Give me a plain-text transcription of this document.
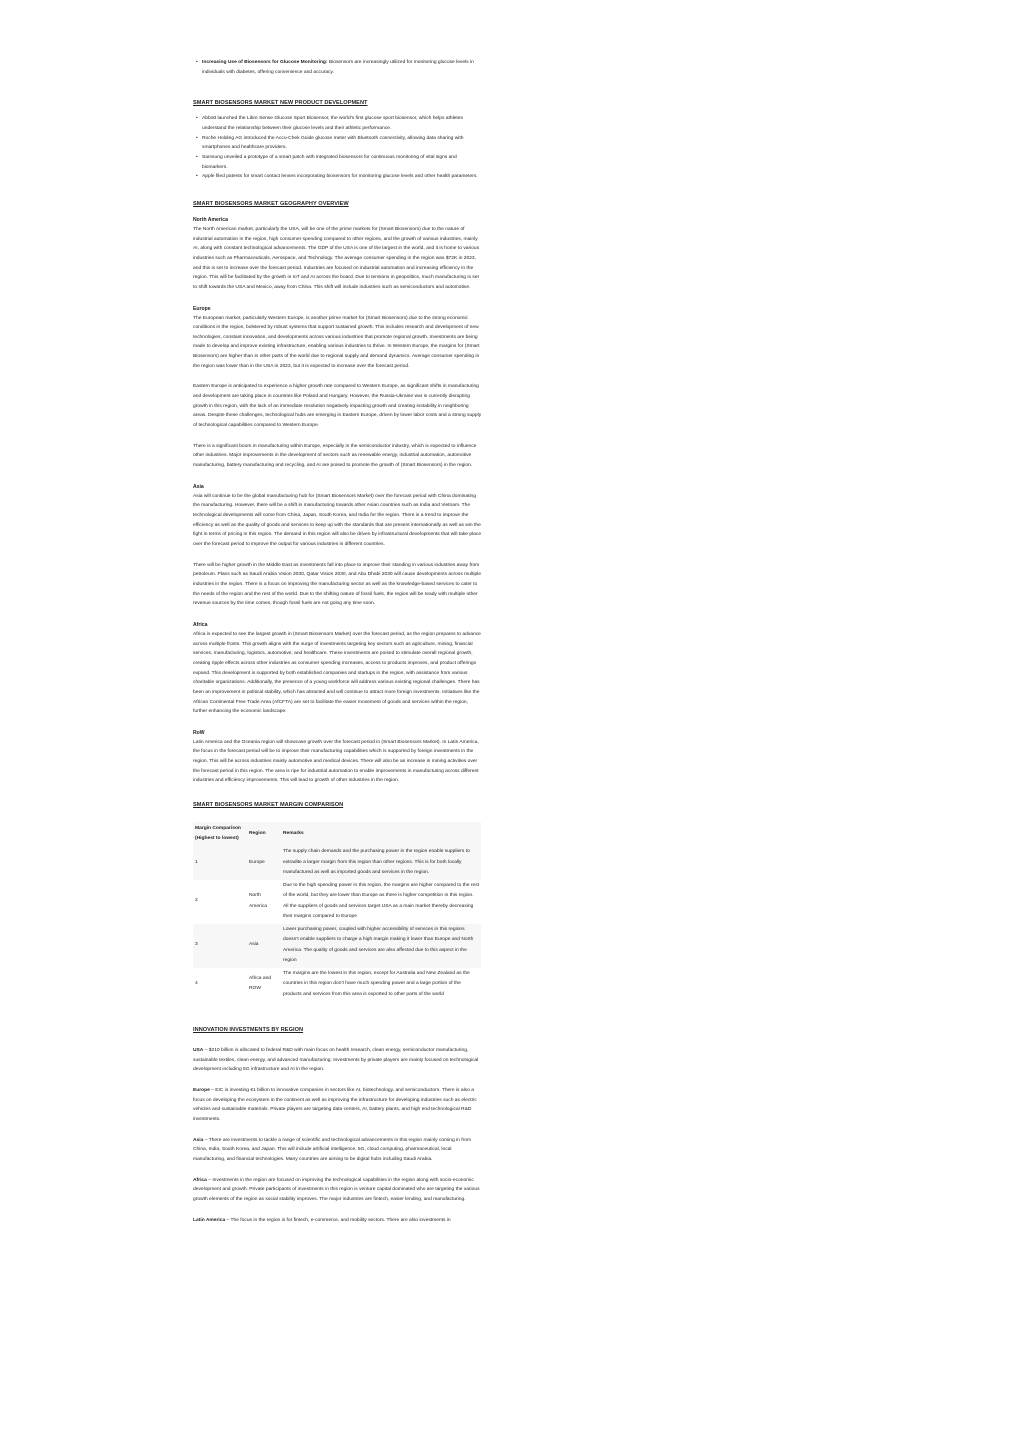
• Increasing Use of Biosensors for Glucose Monitoring: Biosensors are increasingly utilized for monitoring glucose levels in individuals with diabetes, offering convenience and accuracy.

SMART BIOSENSORS MARKET NEW PRODUCT DEVELOPMENT

• Abbott launched the Libre Sense Glucose Sport Biosensor, the world’s first glucose sport biosensor, which helps athletes understand the relationship between their glucose levels and their athletic performance.
• Roche Holding AG introduced the Accu-Chek Guide glucose meter with Bluetooth connectivity, allowing data sharing with smartphones and healthcare providers.
• Samsung unveiled a prototype of a smart patch with integrated biosensors for continuous monitoring of vital signs and biomarkers.
• Apple filed patents for smart contact lenses incorporating biosensors for monitoring glucose levels and other health parameters.

SMART BIOSENSORS MARKET GEOGRAPHY OVERVIEW

North America

The North American market, particularly the USA, will be one of the prime markets for (Smart Biosensors) due to the nature of industrial automation in the region, high consumer spending compared to other regions, and the growth of various industries, mainly AI, along with constant technological advancements. The GDP of the USA is one of the largest in the world, and it is home to various industries such as Pharmaceuticals, Aerospace, and Technology. The average consumer spending in the region was $72K in 2023, and this is set to increase over the forecast period. Industries are focused on industrial automation and increasing efficiency in the region. This will be facilitated by the growth in IoT and AI across the board. Due to tensions in geopolitics, much manufacturing is set to shift towards the USA and Mexico, away from China. This shift will include industries such as semiconductors and automotive.

Europe

The European market, particularly Western Europe, is another prime market for (Smart Biosensors) due to the strong economic conditions in the region, bolstered by robust systems that support sustained growth. This includes research and development of new technologies, constant innovation, and developments across various industries that promote regional growth. Investments are being made to develop and improve existing infrastructure, enabling various industries to thrive. In Western Europe, the margins for (Smart Biosensors) are higher than in other parts of the world due to regional supply and demand dynamics. Average consumer spending in the region was lower than in the USA in 2023, but it is expected to increase over the forecast period.

Eastern Europe is anticipated to experience a higher growth rate compared to Western Europe, as significant shifts in manufacturing and development are taking place in countries like Poland and Hungary. However, the Russia-Ukraine war is currently disrupting growth in this region, with the lack of an immediate resolution negatively impacting growth and creating instability in neighboring areas. Despite these challenges, technological hubs are emerging in Eastern Europe, driven by lower labor costs and a strong supply of technological capabilities compared to Western Europe.

There is a significant boom in manufacturing within Europe, especially in the semiconductor industry, which is expected to influence other industries. Major improvements in the development of sectors such as renewable energy, industrial automation, automotive manufacturing, battery manufacturing and recycling, and AI are poised to promote the growth of (Smart Biosensors) in the region.

Asia

Asia will continue to be the global manufacturing hub for (Smart Biosensors Market) over the forecast period with China dominating the manufacturing. However, there will be a shift in manufacturing towards other Asian countries such as India and Vietnam. The technological developments will come from China, Japan, South Korea, and India for the region. There is a trend to improve the efficiency as well as the quality of goods and services to keep up with the standards that are present internationally as well as win the fight in terms of pricing in this region. The demand in this region will also be driven by infrastructural developments that will take place over the forecast period to improve the output for various industries in different countries.

There will be higher growth in the Middle East as investments fall into place to improve their standing in various industries away from petroleum. Plans such as Saudi Arabia Vision 2030, Qatar Vision 2030, and Abu Dhabi 2030 will cause developments across multiple industries in the region. There is a focus on improving the manufacturing sector as well as the knowledge-based services to cater to the needs of the region and the rest of the world. Due to the shifting nature of fossil fuels, the region will be ready with multiple other revenue sources by the time comes, though fossil fuels are not going any time soon.

Africa

Africa is expected to see the largest growth in (Smart Biosensors Market) over the forecast period, as the region prepares to advance across multiple fronts. This growth aligns with the surge of investments targeting key sectors such as agriculture, mining, financial services, manufacturing, logistics, automotive, and healthcare. These investments are poised to stimulate overall regional growth, creating ripple effects across other industries as consumer spending increases, access to products improves, and product offerings expand. This development is supported by both established companies and startups in the region, with assistance from various charitable organizations. Additionally, the presence of a young workforce will address various existing regional challenges. There has been an improvement in political stability, which has attracted and will continue to attract more foreign investments. Initiatives like the African Continental Free Trade Area (AfCFTA) are set to facilitate the easier movement of goods and services within the region, further enhancing the economic landscape.

RoW

Latin America and the Oceania region will showcase growth over the forecast period in (Smart Biosensors Market). In Latin America, the focus in the forecast period will be to improve their manufacturing capabilities which is supported by foreign investments in the region. This will be across industries mainly automotive and medical devices. There will also be an increase in mining activities over the forecast period in this region. The area is ripe for industrial automation to enable improvements in manufacturing across different industries and efficiency improvements. This will lead to growth of other industries in the region.

SMART BIOSENSORS MARKET MARGIN COMPARISON

Margin Comparison (Highest to lowest)	Region	Remarks
1	Europe	The supply chain demands and the purchasing power in the region enable suppliers to extradite a larger margin from this region than other regions. This is for both locally manufactured as well as imported goods and services in the region.
2	North America	Due to the high spending power in this region, the margins are higher compared to the rest of the world, but they are lower than Europe as there is higher competition in this region. All the suppliers of goods and services target USA as a main market thereby decreasing their margins compared to Europe
3	Asia	Lower purchasing power, coupled with higher accessibility of services in this regions doesn’t enable suppliers to charge a high margin making it lower than Europe and North America. The quality of goods and services are also affected due to this aspect in the region
4	Africa and ROW	The margins are the lowest in this region, except for Australia and New Zealand as the countries in this region don’t have much spending power and a large portion of the products and services from this area is exported to other parts of the world

INNOVATION INVESTMENTS BY REGION

USA – $210 billion is allocated to federal R&D with main focus on health research, clean energy, semiconductor manufacturing, sustainable textiles, clean energy, and advanced manufacturing. Investments by private players are mainly focused on technological development including 5G infrastructure and AI in the region.

Europe – EIC is investing €1 billion to innovative companies in sectors like AI, biotechnology, and semiconductors. There is also a focus on developing the ecosystem in the continent as well as improving the infrastructure for developing industries such as electric vehicles and sustainable materials. Private players are targeting data centers, AI, battery plants, and high end technological R&D investments.

Asia – There are investments to tackle a range of scientific and technological advancements in this region mainly coming in from China, India, South Korea, and Japan. This will include artificial intelligence, 5G, cloud computing, pharmaceutical, local manufacturing, and financial technologies. Many countries are aiming to be digital hubs including Saudi Arabia.

Africa – Investments in the region are focused on improving the technological capabilities in the region along with socio-economic development and growth. Private participants of investments in this region is venture capital dominated who are targeting the various growth elements of the region as social stability improves. The major industries are fintech, easier lending, and manufacturing.

Latin America – The focus in the region is for fintech, e-commerce, and mobility sectors. There are also investments in
